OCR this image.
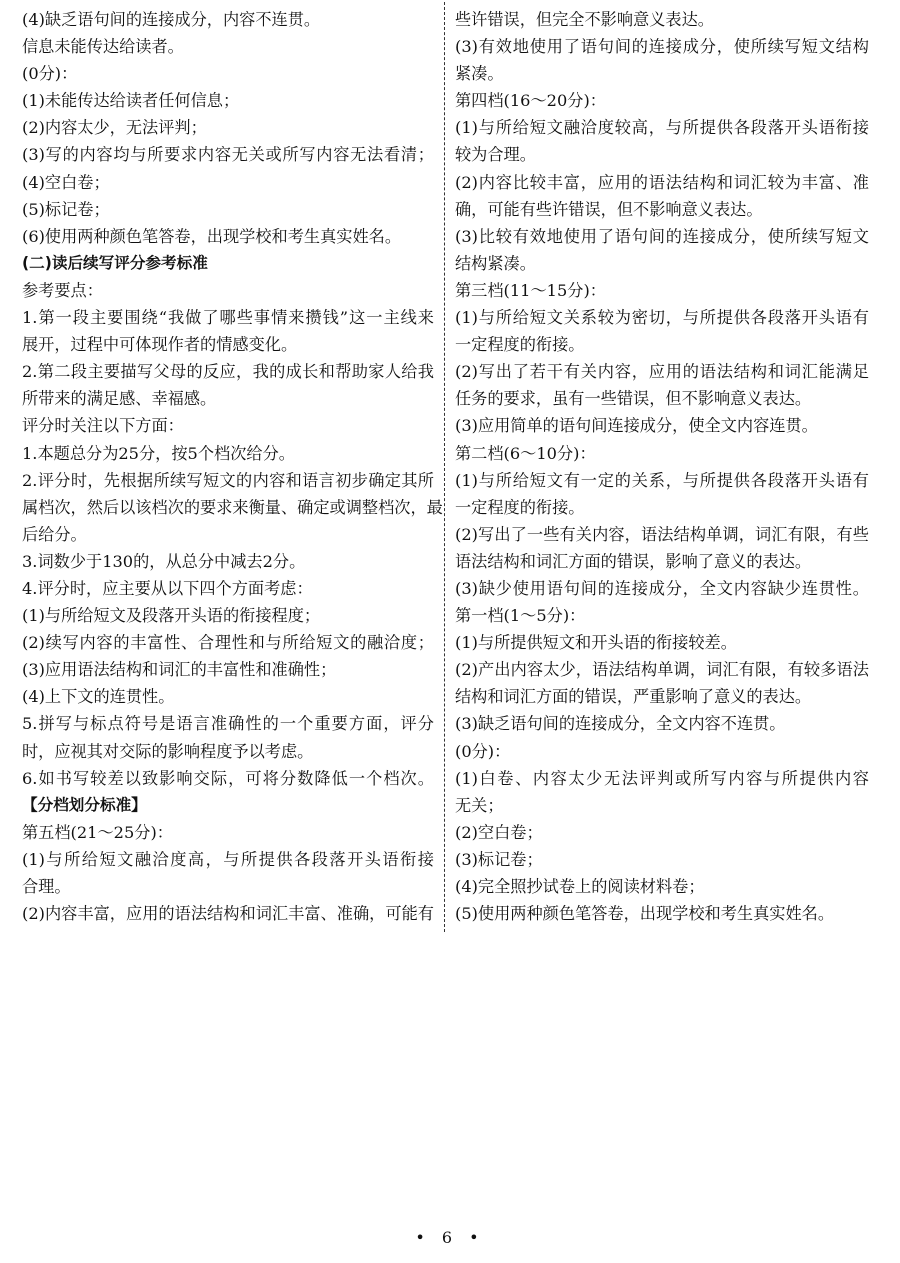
(4)缺乏语句间的连接成分，内容不连贯。
信息未能传达给读者。
(0分)：
(1)未能传达给读者任何信息；
(2)内容太少，无法评判；
(3)写的内容均与所要求内容无关或所写内容无法看清；
(4)空白卷；
(5)标记卷；
(6)使用两种颜色笔答卷，出现学校和考生真实姓名。
(二)读后续写评分参考标准
参考要点：
1.第一段主要围绕“我做了哪些事情来攒钱”这一主线来
展开，过程中可体现作者的情感变化。
2.第二段主要描写父母的反应，我的成长和帮助家人给我
所带来的满足感、幸福感。
评分时关注以下方面：
1.本题总分为25分，按5个档次给分。
2.评分时，先根据所续写短文的内容和语言初步确定其所
属档次，然后以该档次的要求来衡量、确定或调整档次，最
后给分。
3.词数少于130的，从总分中减去2分。
4.评分时，应主要从以下四个方面考虑：
(1)与所给短文及段落开头语的衔接程度；
(2)续写内容的丰富性、合理性和与所给短文的融洽度；
(3)应用语法结构和词汇的丰富性和准确性；
(4)上下文的连贯性。
5.拼写与标点符号是语言准确性的一个重要方面，评分
时，应视其对交际的影响程度予以考虑。
6.如书写较差以致影响交际，可将分数降低一个档次。
【分档划分标准】
第五档(21～25分)：
(1)与所给短文融洽度高，与所提供各段落开头语衔接
合理。
(2)内容丰富，应用的语法结构和词汇丰富、准确，可能有
些许错误，但完全不影响意义表达。
(3)有效地使用了语句间的连接成分，使所续写短文结构
紧凑。
第四档(16～20分)：
(1)与所给短文融洽度较高，与所提供各段落开头语衔接
较为合理。
(2)内容比较丰富，应用的语法结构和词汇较为丰富、准
确，可能有些许错误，但不影响意义表达。
(3)比较有效地使用了语句间的连接成分，使所续写短文
结构紧凑。
第三档(11～15分)：
(1)与所给短文关系较为密切，与所提供各段落开头语有
一定程度的衔接。
(2)写出了若干有关内容，应用的语法结构和词汇能满足
任务的要求，虽有一些错误，但不影响意义表达。
(3)应用简单的语句间连接成分，使全文内容连贯。
第二档(6～10分)：
(1)与所给短文有一定的关系，与所提供各段落开头语有
一定程度的衔接。
(2)写出了一些有关内容，语法结构单调，词汇有限，有些
语法结构和词汇方面的错误，影响了意义的表达。
(3)缺少使用语句间的连接成分，全文内容缺少连贯性。
第一档(1～5分)：
(1)与所提供短文和开头语的衔接较差。
(2)产出内容太少，语法结构单调，词汇有限，有较多语法
结构和词汇方面的错误，严重影响了意义的表达。
(3)缺乏语句间的连接成分，全文内容不连贯。
(0分)：
(1)白卷、内容太少无法评判或所写内容与所提供内容
无关；
(2)空白卷；
(3)标记卷；
(4)完全照抄试卷上的阅读材料卷；
(5)使用两种颜色笔答卷，出现学校和考生真实姓名。
• 6 •
